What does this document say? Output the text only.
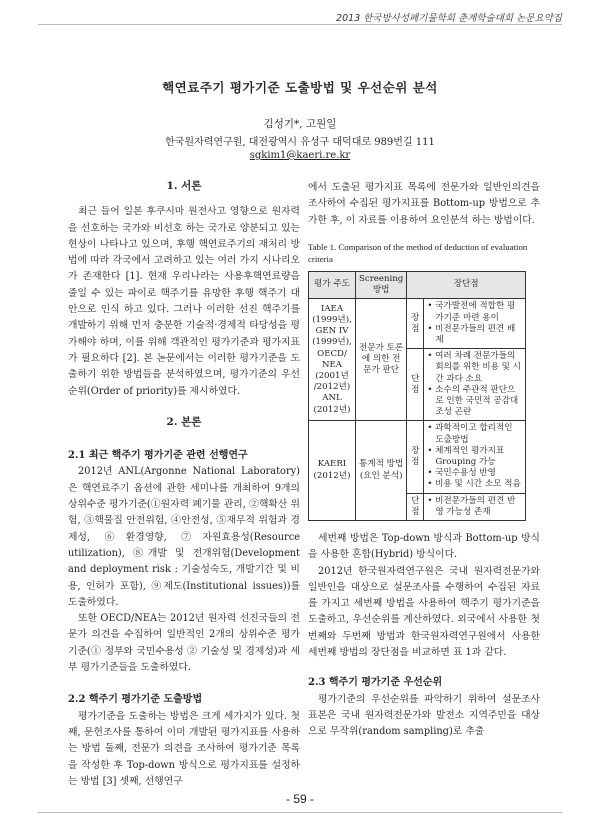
2013 한국방사성폐기물학회 춘계학술대회 논문요약집
핵연료주기 평가기준 도출방법 및 우선순위 분석
김성기*, 고원일
한국원자력연구원, 대전광역시 유성구 대덕대로 989번길 111
sgkim1@kaeri.re.kr
1. 서론

최근 들어 일본 후쿠시마 원전사고 영향으로 원자력을 선호하는 국가와 비선호 하는 국가로 양분되고 있는 현상이 나타나고 있으며, 후행 핵연료주기의 재처리 방법에 따라 각국에서 고려하고 있는 여러 가지 시나리오가 존재한다 [1]. 현재 우리나라는 사용후핵연료량을 줄일 수 있는 파이로 핵주기를 유망한 후행 핵주기 대안으로 인식 하고 있다. 그러나 이러한 선진 핵주기를 개발하기 위해 먼저 충분한 기술적·경제적 타당성을 평가해야 하며, 이를 위해 객관적인 평가기준과 평가지표가 필요하다 [2]. 본 논문에서는 이러한 평가기준을 도출하기 위한 방법들을 분석하였으며, 평가기준의 우선순위(Order of priority)를 제시하였다.

2. 본론
2.1 최근 핵주기 평가기준 관련 선행연구

2012년 ANL(Argonne National Laboratory)은 핵연료주기 옵션에 관한 세미나를 개최하여 9개의 상위수준 평가기준(①원자력 폐기물 관리, ②핵확산 위험, ③핵물질 안전위험, ④안전성, ⑤재무적 위험과 경제성, ⑥환경영향, ⑦자원효용성(Resource utilization), ⑧개발 및 전개위험(Development and deployment risk : 기술성숙도, 개발기간 및 비용, 인허가 포함), ⑨제도(Institutional issues))를 도출하였다.

또한 OECD/NEA는 2012년 원자력 선진국들의 전문가 의견을 수집하여 일반적인 2개의 상위수준 평가기준(① 정부와 국민수용성 ② 기술성 및 경제성)과 세부 평가기준들을 도출하였다.

2.2 핵주기 평가기준 도출방법

평가기준을 도출하는 방법은 크게 세가지가 있다. 첫째, 문헌조사를 통하여 이미 개발된 평가지표를 사용하는 방법 둘째, 전문가 의견을 조사하여 평가기준 목록을 작성한 후 Top-down 방식으로 평가지표를 설정하는 방법 [3] 셋째, 선행연구

에서 도출된 평가지표 목록에 전문가와 일반인의견을 조사하여 수집된 평가지표를 Bottom-up 방법으로 추가한 후, 이 자료를 이용하여 요인분석 하는 방법이다.

Table 1. Comparison of the method of deduction of evaluation criteria
평가 주도	Screening 방법	장단점	
IAEA (1999년), GEN IV (1999년), OECD/ NEA (2001년 /2012년) ANL (2012년)	전문가 토론에 의한 전문가 판단	장점	• 국가발전에 적합한 평가기준 마련 용이
• 비전문가들의 편견 배제

		단점	• 여러 차례 전문가들의 회의를 위한 비용 및 시간 과다 소요
• 소수의 주관적 판단으로 인한 국민적 공감대 조성 곤란

KAERI (2012년)	통계적 방법 (요인 분석)	장점	• 과학적이고 합리적인 도출방법
• 체계적인 평가지표 Grouping 가능
• 국민수용성 반영
• 비용 및 시간 소모 적음

		단점	• 비전문가들의 편견 반영 가능성 존재

세번째 방법은 Top-down 방식과 Bottom-up 방식을 사용한 혼합(Hybrid) 방식이다.

2012년 한국원자력연구원은 국내 원자력전문가와 일반인을 대상으로 설문조사를 수행하여 수집된 자료를 가지고 세번째 방법을 사용하여 핵주기 평가기준을 도출하고, 우선순위를 계산하였다. 외국에서 사용한 첫번째와 두번째 방법과 한국원자력연구원에서 사용한 세번째 방법의 장단점을 비교하면 표 1과 같다.

2.3 핵주기 평가기준 우선순위

평가기준의 우선순위를 파악하기 위하여 설문조사 표본은 국내 원자력전문가와 발전소 지역주민을 대상으로 무작위(random sampling)로 추출

- 59 -
